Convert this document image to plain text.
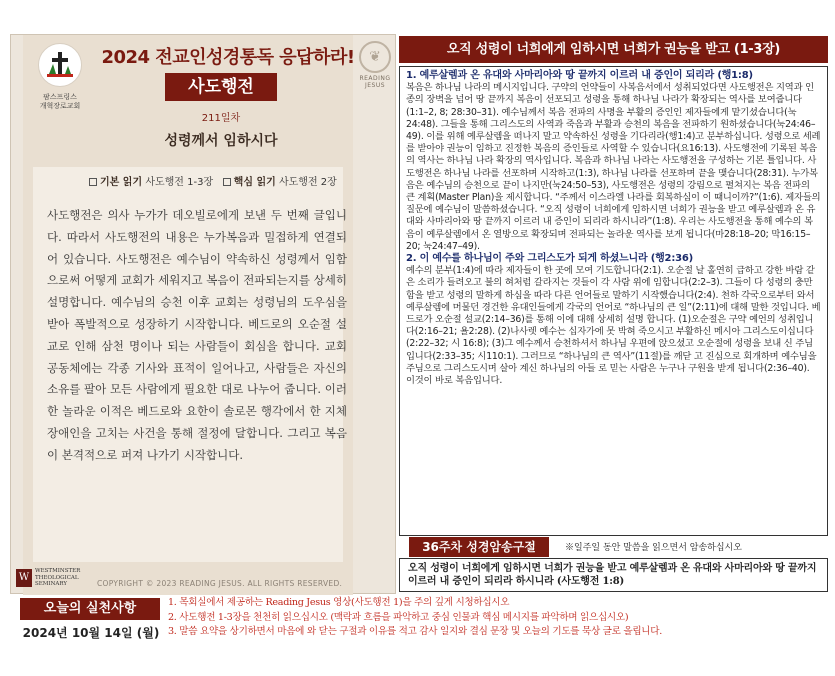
팜스프링스
개혁장로교회
2024 전교인성경통독 응답하라!
사도행전
211일차
성령께서 임하시다
기본 읽기 사도행전 1-3장 핵심 읽기 사도행전 2장
사도행전은 의사 누가가 데오빌로에게 보낸 두 번째 글입니다. 따라서 사도행전의 내용은 누가복음과 밀접하게 연결되어 있습니다. 사도행전은 예수님이 약속하신 성령께서 임함으로써 어떻게 교회가 세워지고 복음이 전파되는지를 상세히 설명합니다. 예수님의 승천 이후 교회는 성령님의 도우심을 받아 폭발적으로 성장하기 시작합니다. 베드로의 오순절 설교로 인해 삼천 명이나 되는 사람들이 회심을 합니다. 교회 공동체에는 각종 기사와 표적이 일어나고, 사람들은 자신의 소유를 팔아 모든 사람에게 필요한 대로 나누어 줍니다. 이러한 놀라운 이적은 베드로와 요한이 솔로몬 행각에서 한 지체장애인을 고치는 사건을 통해 절정에 달합니다. 그리고 복음이 본격적으로 퍼져 나가기 시작합니다.
W
WESTMINSTER
THEOLOGICAL
SEMINARY	COPYRIGHT © 2023 READING JESUS. ALL RIGHTS RESERVED.
❦
READING
JESUS
오직 성령이 너희에게 임하시면 너희가 권능을 받고 (1-3장)

1. 예루살렘과 온 유대와 사마리아와 땅 끝까지 이르러 내 증인이 되리라 (행1:8)

복음은 하나님 나라의 메시지입니다. 구약의 언약들이 사복음서에서 성취되었다면 사도행전은 지역과 인종의 장벽을 넘어 땅 끝까지 복음이 선포되고 성령을 통해 하나님 나라가 확장되는 역사를 보여줍니다(1:1–2, 8; 28:30–31). 예수님께서 복음 전파의 사명을 부활의 증인인 제자들에게 맡기셨습니다(눅24:48). 그들을 통해 그리스도의 사역과 죽음과 부활과 승천의 복음을 전파하기 원하셨습니다(눅24:46–49). 이를 위해 예루살렘을 떠나지 말고 약속하신 성령을 기다리라(행1:4)고 분부하십니다. 성령으로 세례를 받아야 권능이 임하고 진정한 복음의 증인들로 사역할 수 있습니다(요16:13). 사도행전에 기록된 복음의 역사는 하나님 나라 확장의 역사입니다. 복음과 하나님 나라는 사도행전을 구성하는 기본 틀입니다. 사도행전은 하나님 나라를 선포하며 시작하고(1:3), 하나님 나라를 선포하며 끝을 맺습니다(28:31). 누가복음은 예수님의 승천으로 끝이 나지만(눅24:50–53), 사도행전은 성령의 강림으로 펼쳐지는 복음 전파의 큰 계획(Master Plan)을 제시합니다. “주께서 이스라엘 나라를 회복하심이 이 때니이까?”(1:6). 제자들의 질문에 예수님이 말씀하셨습니다. “오직 성령이 너희에게 임하시면 너희가 권능을 받고 예루살렘과 온 유대와 사마리아와 땅 끝까지 이르러 내 증인이 되리라 하시니라”(1:8). 우리는 사도행전을 통해 예수의 복음이 예루살렘에서 온 열방으로 확장되며 전파되는 놀라운 역사를 보게 됩니다(마28:18–20; 막16:15–20; 눅24:47–49).

2. 이 예수를 하나님이 주와 그리스도가 되게 하셨느니라 (행2:36)

예수의 분부(1:4)에 따라 제자들이 한 곳에 모여 기도합니다(2:1). 오순절 날 홀연히 급하고 강한 바람 같은 소리가 들려오고 불의 혀처럼 갈라지는 것들이 각 사람 위에 임합니다(2:2–3). 그들이 다 성령의 충만함을 받고 성령의 말하게 하심을 따라 다른 언어들로 말하기 시작했습니다(2:4). 천하 각국으로부터 와서 예루살렘에 머물던 경건한 유대인들에게 각국의 언어로 “하나님의 큰 일”(2:11)에 대해 말한 것입니다. 베드로가 오순절 설교(2:14–36)를 통해 이에 대해 상세히 설명 합니다. (1)오순절은 구약 예언의 성취입니다(2:16–21; 욜2:28). (2)나사렛 예수는 십자가에 못 박혀 죽으시고 부활하신 메시아 그리스도이십니다(2:22–32; 시 16:8); (3)그 예수께서 승천하셔서 하나님 우편에 앉으셨고 오순절에 성령을 보내 신 주님입니다(2:33–35; 시110:1). 그러므로 “하나님의 큰 역사”(11절)를 깨닫 고 진심으로 회개하며 예수님을 주님으로 그리스도시며 살아 계신 하나님의 아들 로 믿는 사람은 누구나 구원을 받게 됩니다(2:36–40). 이것이 바로 복음입니다.

36주차 성경암송구절	※일주일 동안 말씀을 읽으면서 암송하십시오
오직 성령이 너희에게 임하시면 너희가 권능을 받고 예루살렘과 온 유대와 사마리아와 땅 끝까지 이르러 내 증인이 되리라 하시니라 (사도행전 1:8)
오늘의 실천사항
2024년 10월 14일 (월)
1. 목회실에서 제공하는 Reading Jesus 영상(사도행전 1)을 주의 깊게 시청하십시오
2. 사도행전 1-3장을 천천히 읽으십시오 (맥락과 흐름을 파악하고 중심 인물과 핵심 메시지를 파악하며 읽으십시오)
3. 말씀 요약을 상기하면서 마음에 와 닫는 구절과 이유를 적고 감사 일지와 결심 문장 및 오늘의 기도를 묵상 글로 올립니다.
